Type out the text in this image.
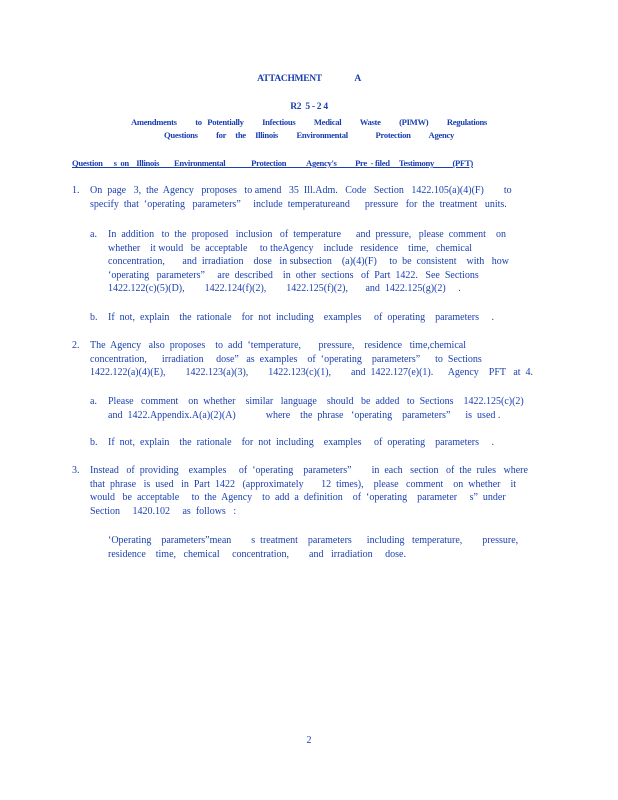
ATTACHMENT                A
R2  5 - 2 4
Amendments          to   Potentially          Infectious          Medical          Waste          (PIMW)          Regulations
Questions          for     the     Illinois          Environmental               Protection          Agency
Question      s  on    Illinois        Environmental              Protection           Agency's          Pre  - filed     Testimony          (PFT)
1. On  page   3,  the  Agency   proposes   to amend   35  Ill.Adm.   Code   Section   1422.105(a)(4)(F)        to
specify  that  ‘operating   parameters”     include  temperatureand      pressure   for  the  treatment   units.
a. In  addition   to  the  proposed   inclusion   of  temperature      and  pressure,   please  comment    on
whether    it would   be  acceptable     to theAgency    include   residence    time,   chemical
concentration,       and  irradiation    dose   in subsection    (a)(4)(F)     to  be  consistent    with   how
‘operating   parameters”     are  described    in  other  sections   of  Part  1422.   See  Sections
1422.122(c)(5)(D),        1422.124(f)(2),        1422.125(f)(2),       and  1422.125(g)(2)     .
b. If  not,  explain    the  rationale    for  not  including    examples     of  operating    parameters     .
2. The  Agency   also  proposes    to  add  ‘temperature,       pressure,    residence   time,chemical
concentration,      irradiation     dose”   as  examples    of  ‘operating    parameters”      to  Sections
1422.122(a)(4)(E),        1422.123(a)(3),        1422.123(c)(1),        and  1422.127(e)(1).      Agency    PFT   at  4.
a. Please   comment    on  whether    similar   language    should   be  added   to  Sections    1422.125(c)(2)
and  1422.Appendix.A(a)(2)(A)            where    the  phrase   ‘operating    parameters”      is  used .
b. If  not,  explain    the  rationale    for  not  including    examples     of  operating    parameters     .
3. Instead   of  providing    examples     of  ‘operating    parameters”        in  each   section   of  the  rules   where
that  phrase   is  used   in  Part  1422   (approximately       12  times),    please   comment    on  whether    it
would   be  acceptable     to  the  Agency    to  add  a  definition    of  ‘operating    parameter     s”  under
Section     1420.102     as  follows   :
‘Operating    parameters”mean        s  treatment    parameters      including   temperature,        pressure,
residence    time,   chemical     concentration,        and   irradiation     dose.
2
